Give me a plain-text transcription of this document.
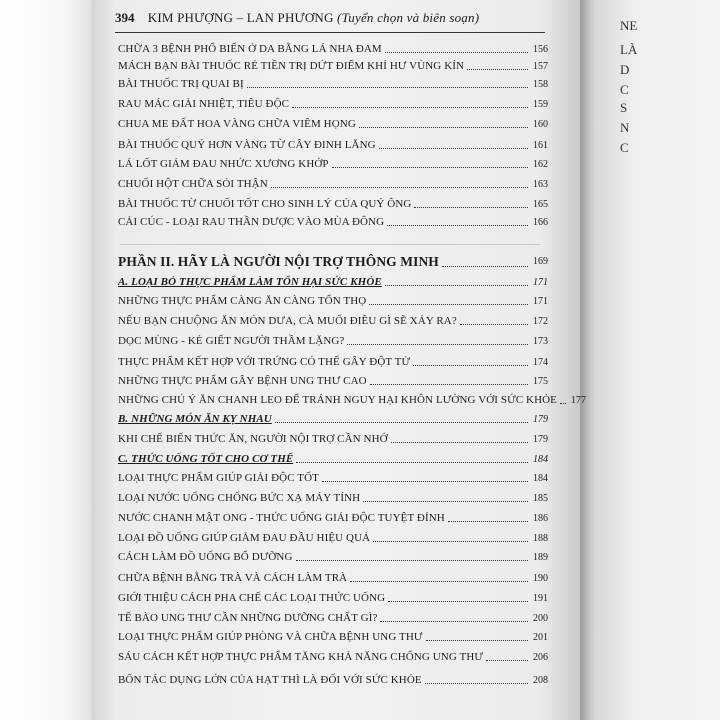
NE
LÀ
D
C
S
N
C
394 KIM PHƯỢNG – LAN PHƯƠNG (Tuyển chọn và biên soạn)
CHỮA 3 BỆNH PHỔ BIẾN Ở DA BẰNG LÁ NHA ĐAM	156
MÁCH BẠN BÀI THUỐC RẺ TIỀN TRỊ DỨT ĐIỂM KHÍ HƯ VÙNG KÍN	157
BÀI THUỐC TRỊ QUAI BỊ	158
RAU MÁC GIẢI NHIỆT, TIÊU ĐỘC	159
CHUA ME ĐẤT HOA VÀNG CHỮA VIÊM HỌNG	160
BÀI THUỐC QUÝ HƠN VÀNG TỪ CÂY ĐINH LĂNG	161
LÁ LỐT GIẢM ĐAU NHỨC XƯƠNG KHỚP	162
CHUỐI HỘT CHỮA SỎI THẬN	163
BÀI THUỐC TỪ CHUỐI TỐT CHO SINH LÝ CỦA QUÝ ÔNG	165
CẢI CÚC - LOẠI RAU THẦN DƯỢC VÀO MÙA ĐÔNG	166
PHẦN II. HÃY LÀ NGƯỜI NỘI TRỢ THÔNG MINH	169
A. LOẠI BỎ THỰC PHẨM LÀM TỔN HẠI SỨC KHỎE	171
NHỮNG THỰC PHẨM CÀNG ĂN CÀNG TỔN THỌ	171
NẾU BẠN CHUỘNG ĂN MÓN DƯA, CÀ MUỐI ĐIỀU GÌ SẼ XẢY RA?	172
DỌC MÙNG - KẺ GIẾT NGƯỜI THẦM LẶNG?	173
THỰC PHẨM KẾT HỢP VỚI TRỨNG CÓ THỂ GÂY ĐỘT TỬ	174
NHỮNG THỰC PHẨM GÂY BỆNH UNG THƯ CAO	175
NHỮNG CHÚ Ý ĂN CHANH LEO ĐỂ TRÁNH NGUY HẠI KHÔN LƯỜNG VỚI SỨC KHỎE	177
B. NHỮNG MÓN ĂN KỴ NHAU	179
KHI CHẾ BIẾN THỨC ĂN, NGƯỜI NỘI TRỢ CẦN NHỚ	179
C. THỨC UỐNG TỐT CHO CƠ THỂ	184
LOẠI THỰC PHẨM GIÚP GIẢI ĐỘC TỐT	184
LOẠI NƯỚC UỐNG CHỐNG BỨC XẠ MÁY TÍNH	185
NƯỚC CHANH MẬT ONG - THỨC UỐNG GIẢI ĐỘC TUYỆT ĐỈNH	186
LOẠI ĐỒ UỐNG GIÚP GIẢM ĐAU ĐẦU HIỆU QUẢ	188
CÁCH LÀM ĐỒ UỐNG BỔ DƯỠNG	189
CHỮA BỆNH BẰNG TRÀ VÀ CÁCH LÀM TRÀ	190
GIỚI THIỆU CÁCH PHA CHẾ CÁC LOẠI THỨC UỐNG	191
TẾ BÀO UNG THƯ CẦN NHỮNG DƯỠNG CHẤT GÌ?	200
LOẠI THỰC PHẨM GIÚP PHÒNG VÀ CHỮA BỆNH UNG THƯ	201
SÁU CÁCH KẾT HỢP THỰC PHẨM TĂNG KHẢ NĂNG CHỐNG UNG THƯ	206
BỐN TÁC DỤNG LỚN CỦA HẠT THÌ LÀ ĐỐI VỚI SỨC KHỎE	208
